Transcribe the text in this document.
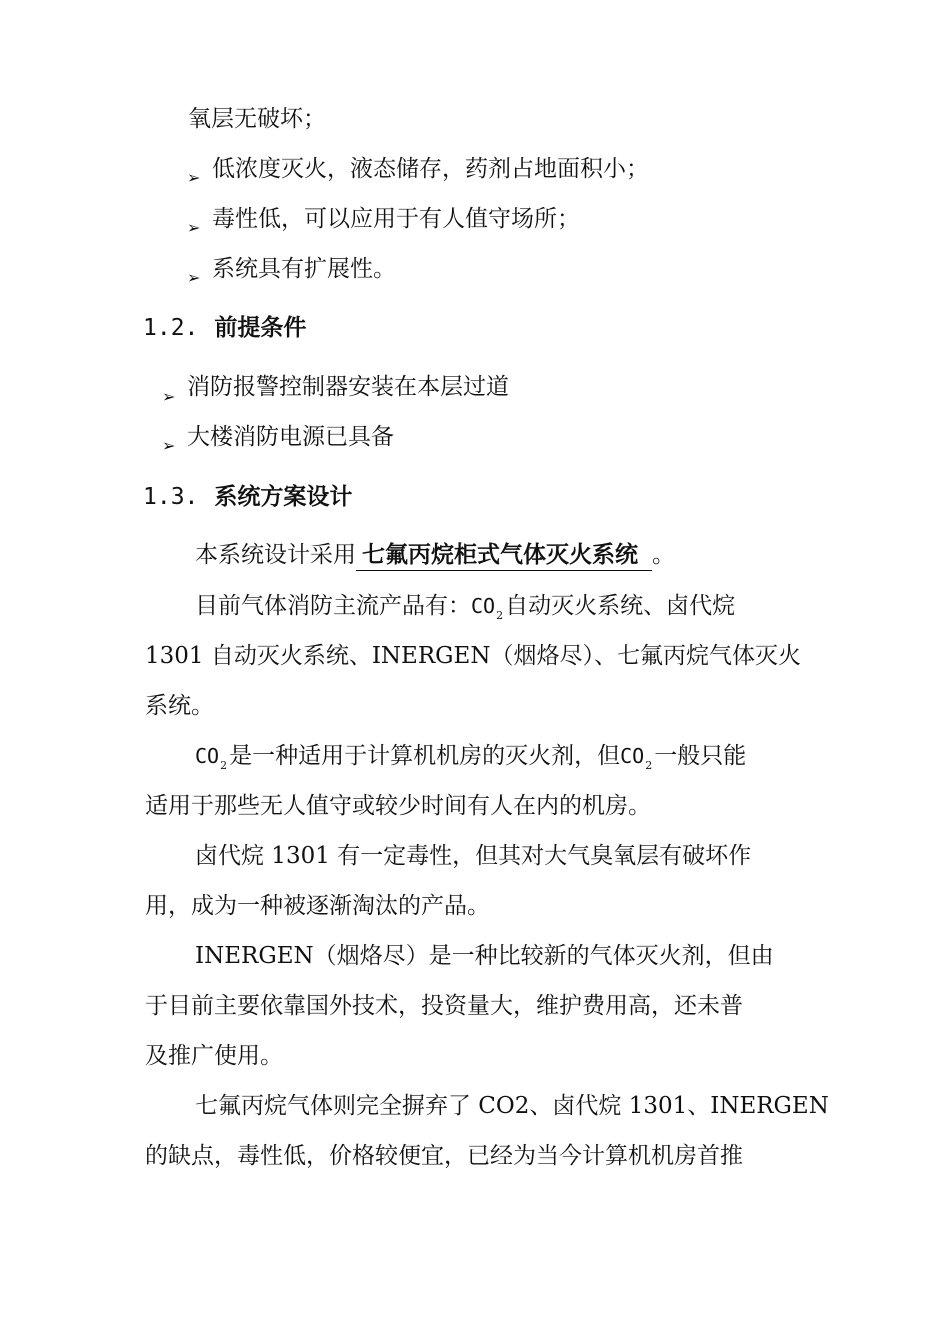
氧层无破坏；
➢ 低浓度灭火，液态储存，药剂占地面积小；
➢ 毒性低，可以应用于有人值守场所；
➢ 系统具有扩展性。
1.2. 前提条件
➢ 消防报警控制器安装在本层过道
➢ 大楼消防电源已具备
1.3. 系统方案设计
本系统设计采用 七氟丙烷柜式气体灭火系统 。
目前气体消防主流产品有：$CO_2$自动灭火系统、卤代烷
1301 自动灭火系统、INERGEN（烟烙尽）、七氟丙烷气体灭火
系统。
$CO_2$是一种适用于计算机机房的灭火剂，但$CO_2$一般只能
适用于那些无人值守或较少时间有人在内的机房。
卤代烷 1301 有一定毒性，但其对大气臭氧层有破坏作
用，成为一种被逐渐淘汰的产品。
INERGEN（烟烙尽）是一种比较新的气体灭火剂，但由
于目前主要依靠国外技术，投资量大，维护费用高，还未普
及推广使用。
七氟丙烷气体则完全摒弃了 CO2、卤代烷 1301、INERGEN
的缺点，毒性低，价格较便宜，已经为当今计算机机房首推
